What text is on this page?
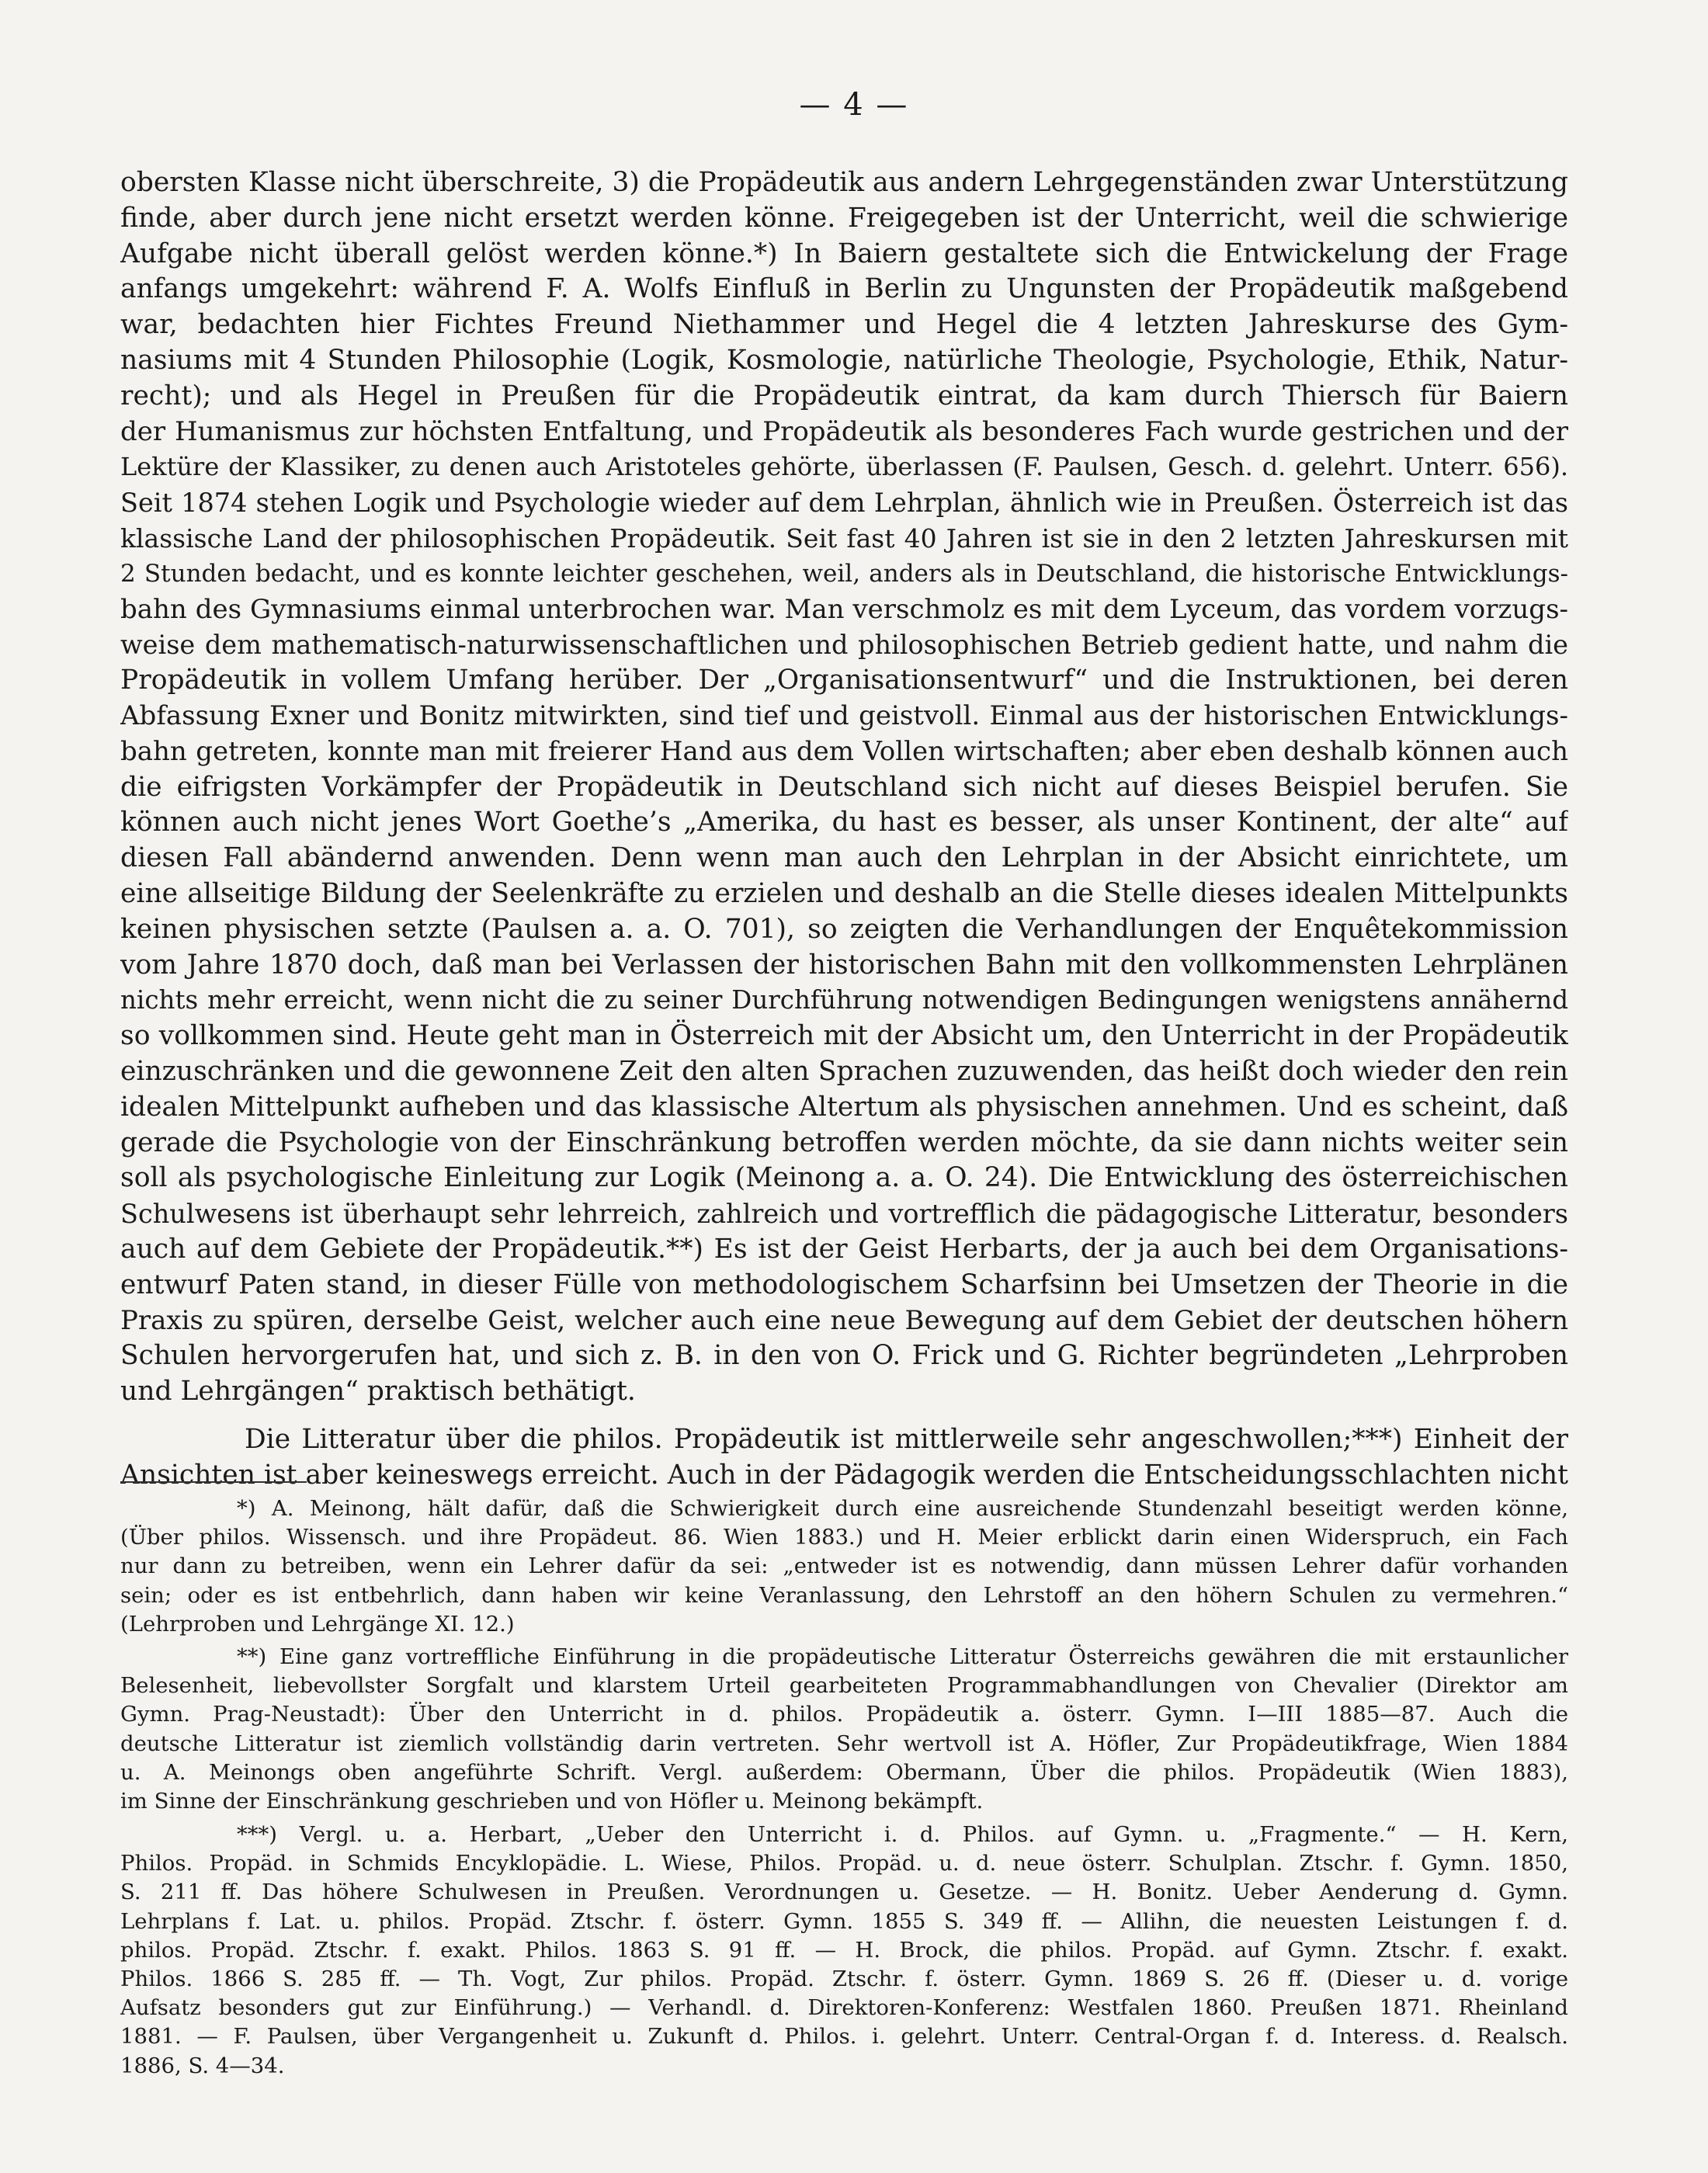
— 4 —
obersten Klasse nicht überschreite, 3) die Propädeutik aus andern Lehrgegenständen zwar Unterstützung
finde, aber durch jene nicht ersetzt werden könne. Freigegeben ist der Unterricht, weil die schwierige
Aufgabe nicht überall gelöst werden könne.*) In Baiern gestaltete sich die Entwickelung der Frage
anfangs umgekehrt: während F. A. Wolfs Einfluß in Berlin zu Ungunsten der Propädeutik maßgebend
war, bedachten hier Fichtes Freund Niethammer und Hegel die 4 letzten Jahreskurse des Gym-
nasiums mit 4 Stunden Philosophie (Logik, Kosmologie, natürliche Theologie, Psychologie, Ethik, Natur-
recht); und als Hegel in Preußen für die Propädeutik eintrat, da kam durch Thiersch für Baiern
der Humanismus zur höchsten Entfaltung, und Propädeutik als besonderes Fach wurde gestrichen und der
Lektüre der Klassiker, zu denen auch Aristoteles gehörte, überlassen (F. Paulsen, Gesch. d. gelehrt. Unterr. 656).
Seit 1874 stehen Logik und Psychologie wieder auf dem Lehrplan, ähnlich wie in Preußen. Österreich ist das
klassische Land der philosophischen Propädeutik. Seit fast 40 Jahren ist sie in den 2 letzten Jahreskursen mit
2 Stunden bedacht, und es konnte leichter geschehen, weil, anders als in Deutschland, die historische Entwicklungs-
bahn des Gymnasiums einmal unterbrochen war. Man verschmolz es mit dem Lyceum, das vordem vorzugs-
weise dem mathematisch-naturwissenschaftlichen und philosophischen Betrieb gedient hatte, und nahm die
Propädeutik in vollem Umfang herüber. Der „Organisationsentwurf“ und die Instruktionen, bei deren
Abfassung Exner und Bonitz mitwirkten, sind tief und geistvoll. Einmal aus der historischen Entwicklungs-
bahn getreten, konnte man mit freierer Hand aus dem Vollen wirtschaften; aber eben deshalb können auch
die eifrigsten Vorkämpfer der Propädeutik in Deutschland sich nicht auf dieses Beispiel berufen. Sie
können auch nicht jenes Wort Goethe’s „Amerika, du hast es besser, als unser Kontinent, der alte“ auf
diesen Fall abändernd anwenden. Denn wenn man auch den Lehrplan in der Absicht einrichtete, um
eine allseitige Bildung der Seelenkräfte zu erzielen und deshalb an die Stelle dieses idealen Mittelpunkts
keinen physischen setzte (Paulsen a. a. O. 701), so zeigten die Verhandlungen der Enquêtekommission
vom Jahre 1870 doch, daß man bei Verlassen der historischen Bahn mit den vollkommensten Lehrplänen
nichts mehr erreicht, wenn nicht die zu seiner Durchführung notwendigen Bedingungen wenigstens annähernd
so vollkommen sind. Heute geht man in Österreich mit der Absicht um, den Unterricht in der Propädeutik
einzuschränken und die gewonnene Zeit den alten Sprachen zuzuwenden, das heißt doch wieder den rein
idealen Mittelpunkt aufheben und das klassische Altertum als physischen annehmen. Und es scheint, daß
gerade die Psychologie von der Einschränkung betroffen werden möchte, da sie dann nichts weiter sein
soll als psychologische Einleitung zur Logik (Meinong a. a. O. 24). Die Entwicklung des österreichischen
Schulwesens ist überhaupt sehr lehrreich, zahlreich und vortrefflich die pädagogische Litteratur, besonders
auch auf dem Gebiete der Propädeutik.**) Es ist der Geist Herbarts, der ja auch bei dem Organisations-
entwurf Paten stand, in dieser Fülle von methodologischem Scharfsinn bei Umsetzen der Theorie in die
Praxis zu spüren, derselbe Geist, welcher auch eine neue Bewegung auf dem Gebiet der deutschen höhern
Schulen hervorgerufen hat, und sich z. B. in den von O. Frick und G. Richter begründeten „Lehrproben
und Lehrgängen“ praktisch bethätigt.
Die Litteratur über die philos. Propädeutik ist mittlerweile sehr angeschwollen;***) Einheit der
Ansichten ist aber keineswegs erreicht. Auch in der Pädagogik werden die Entscheidungsschlachten nicht
*) A. Meinong, hält dafür, daß die Schwierigkeit durch eine ausreichende Stundenzahl beseitigt werden könne,
(Über philos. Wissensch. und ihre Propädeut. 86. Wien 1883.) und H. Meier erblickt darin einen Widerspruch, ein Fach
nur dann zu betreiben, wenn ein Lehrer dafür da sei: „entweder ist es notwendig, dann müssen Lehrer dafür vorhanden
sein; oder es ist entbehrlich, dann haben wir keine Veranlassung, den Lehrstoff an den höhern Schulen zu vermehren.“
(Lehrproben und Lehrgänge XI. 12.)
**) Eine ganz vortreffliche Einführung in die propädeutische Litteratur Österreichs gewähren die mit erstaunlicher
Belesenheit, liebevollster Sorgfalt und klarstem Urteil gearbeiteten Programmabhandlungen von Chevalier (Direktor am
Gymn. Prag-Neustadt): Über den Unterricht in d. philos. Propädeutik a. österr. Gymn. I—III 1885—87. Auch die
deutsche Litteratur ist ziemlich vollständig darin vertreten. Sehr wertvoll ist A. Höfler, Zur Propädeutikfrage, Wien 1884
u. A. Meinongs oben angeführte Schrift. Vergl. außerdem: Obermann, Über die philos. Propädeutik (Wien 1883),
im Sinne der Einschränkung geschrieben und von Höfler u. Meinong bekämpft.
***) Vergl. u. a. Herbart, „Ueber den Unterricht i. d. Philos. auf Gymn. u. „Fragmente.“ — H. Kern,
Philos. Propäd. in Schmids Encyklopädie. L. Wiese, Philos. Propäd. u. d. neue österr. Schulplan. Ztschr. f. Gymn. 1850,
S. 211 ff. Das höhere Schulwesen in Preußen. Verordnungen u. Gesetze. — H. Bonitz. Ueber Aenderung d. Gymn.
Lehrplans f. Lat. u. philos. Propäd. Ztschr. f. österr. Gymn. 1855 S. 349 ff. — Allihn, die neuesten Leistungen f. d.
philos. Propäd. Ztschr. f. exakt. Philos. 1863 S. 91 ff. — H. Brock, die philos. Propäd. auf Gymn. Ztschr. f. exakt.
Philos. 1866 S. 285 ff. — Th. Vogt, Zur philos. Propäd. Ztschr. f. österr. Gymn. 1869 S. 26 ff. (Dieser u. d. vorige
Aufsatz besonders gut zur Einführung.) — Verhandl. d. Direktoren-Konferenz: Westfalen 1860. Preußen 1871. Rheinland
1881. — F. Paulsen, über Vergangenheit u. Zukunft d. Philos. i. gelehrt. Unterr. Central-Organ f. d. Interess. d. Realsch.
1886, S. 4—34.
